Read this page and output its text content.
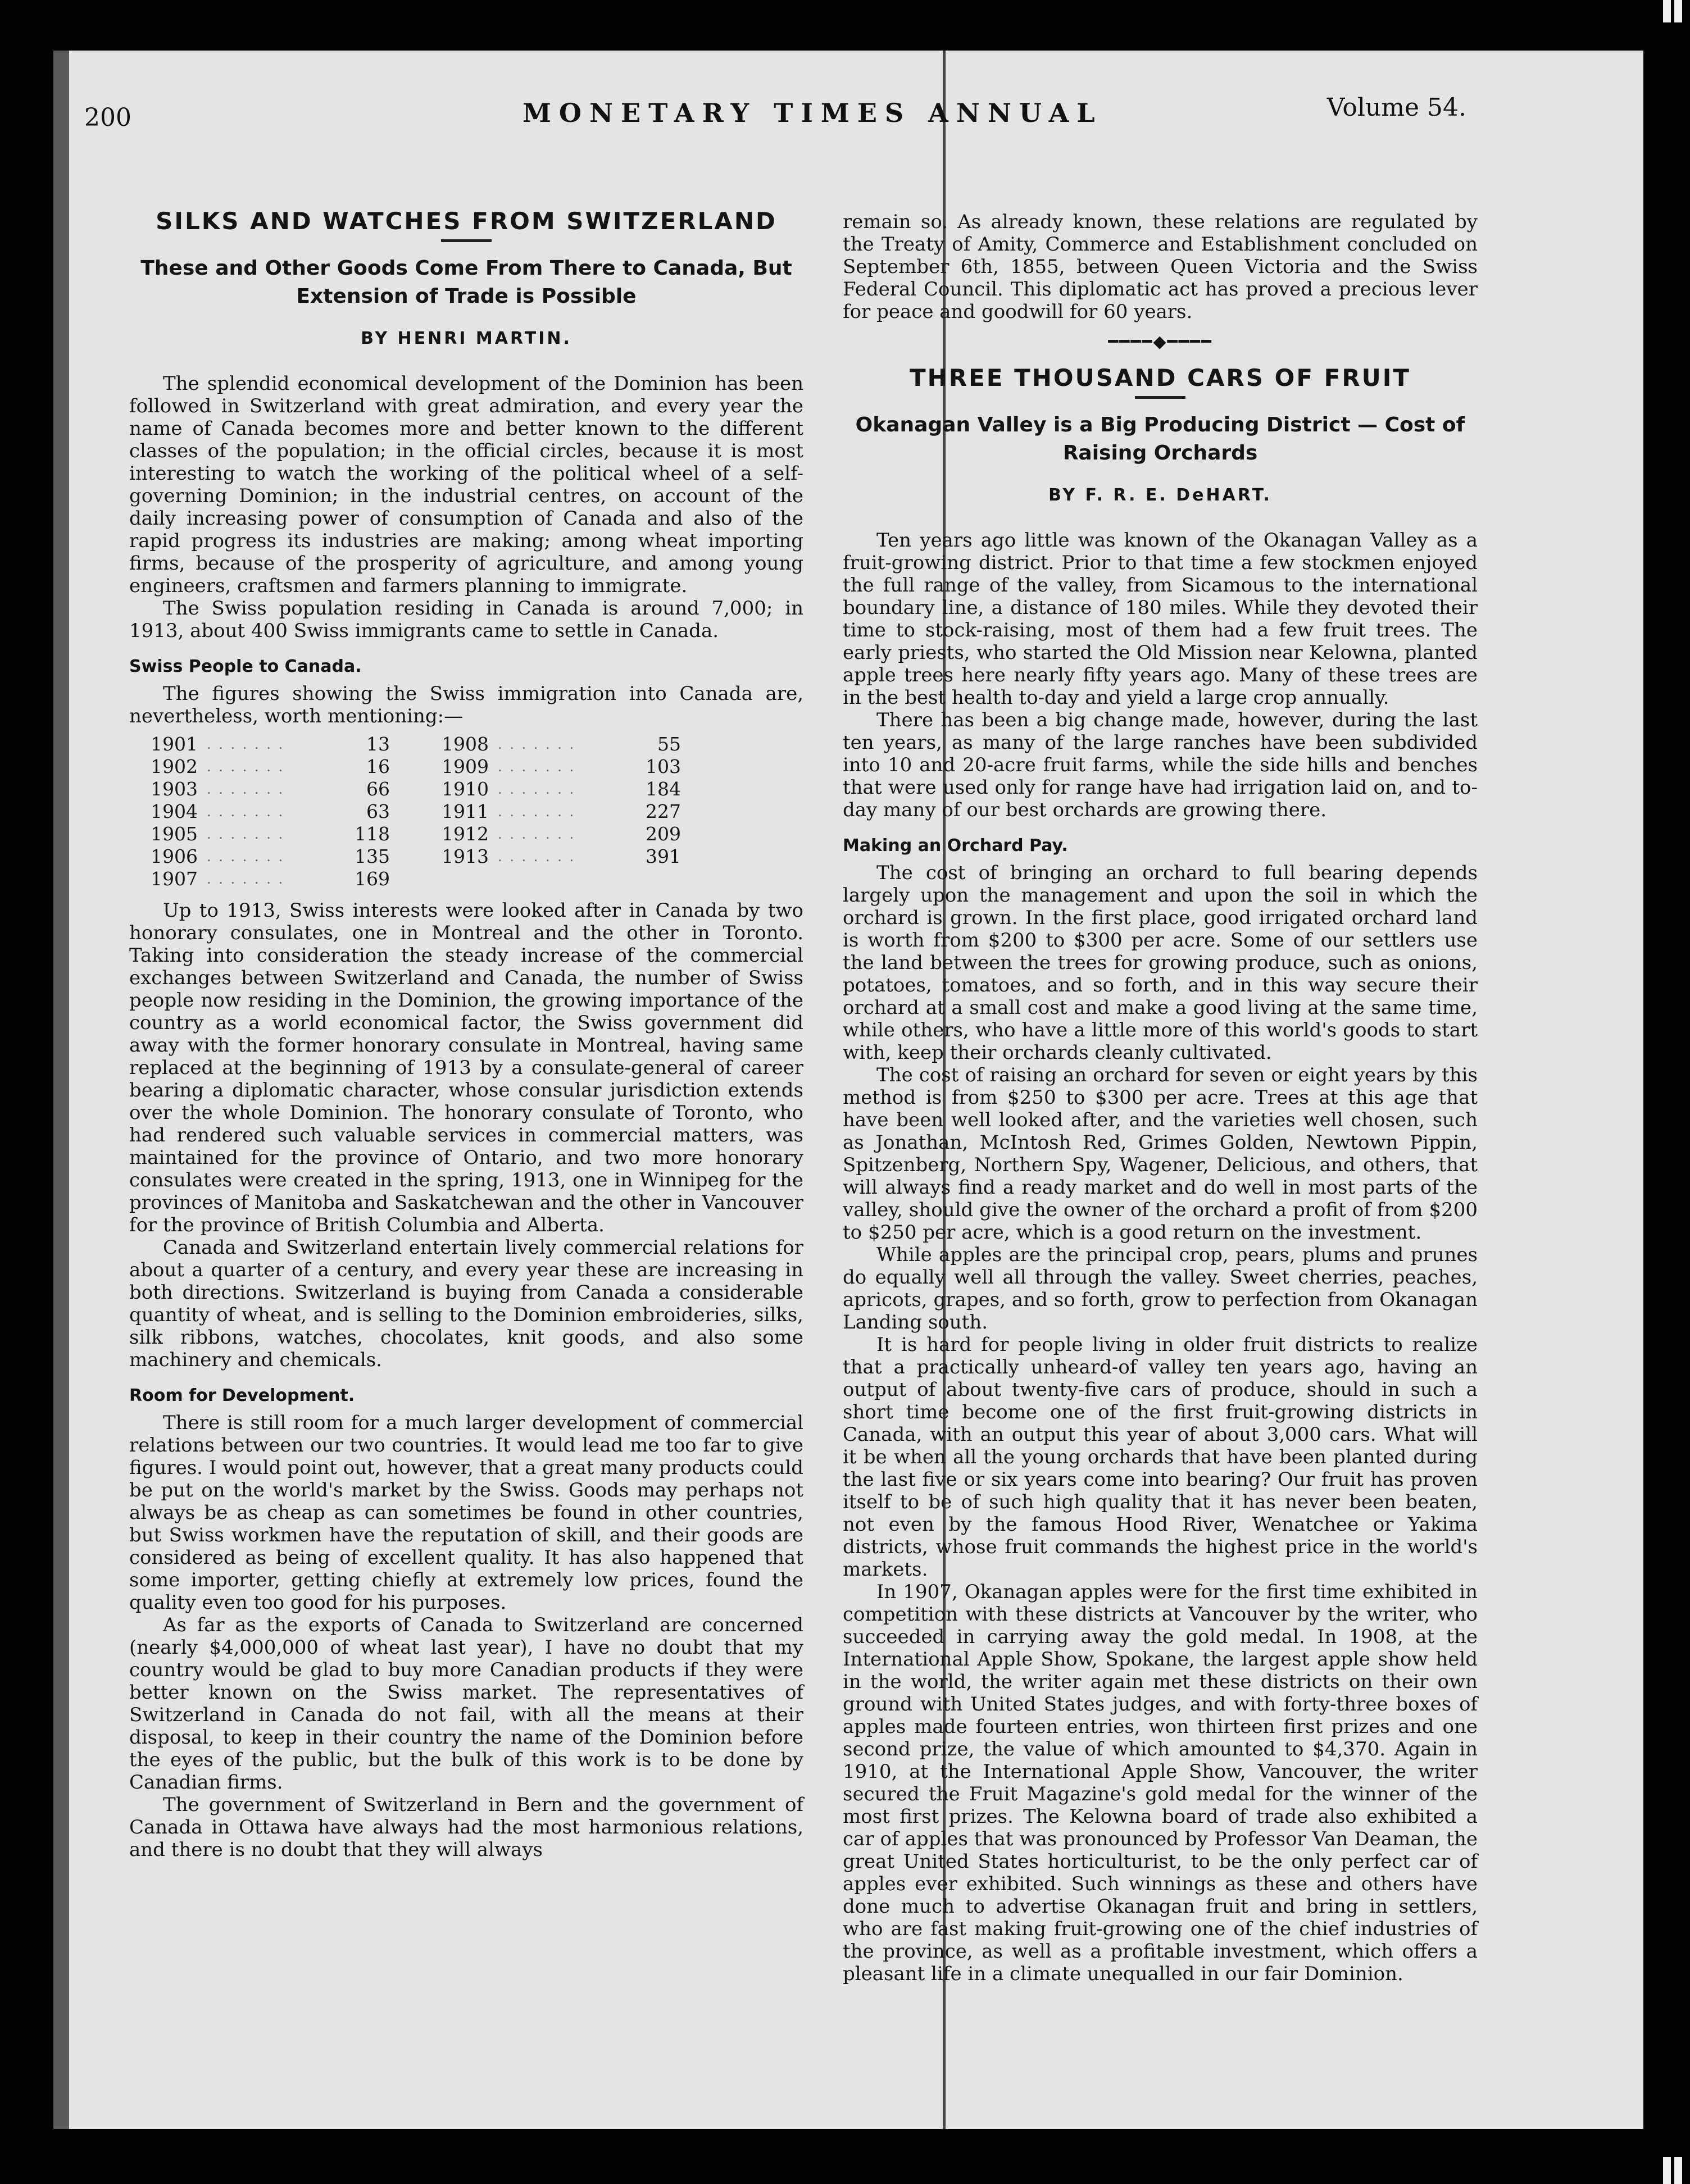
200	MONETARY TIMES ANNUAL	Volume 54.
SILKS AND WATCHES FROM SWITZERLAND
These and Other Goods Come From There to Canada, But Extension of Trade is Possible
BY HENRI MARTIN.

The splendid economical development of the Dominion has been followed in Switzerland with great admiration, and every year the name of Canada becomes more and better known to the different classes of the population; in the official circles, because it is most interesting to watch the working of the political wheel of a self-governing Dominion; in the industrial centres, on account of the daily increasing power of consumption of Canada and also of the rapid progress its industries are making; among wheat importing firms, because of the prosperity of agriculture, and among young engineers, craftsmen and farmers planning to immigrate.

The Swiss population residing in Canada is around 7,000; in 1913, about 400 Swiss immigrants came to settle in Canada.

Swiss People to Canada.

The figures showing the Swiss immigration into Canada are, nevertheless, worth mentioning:—

1901	. . . . . . .	13		1908	. . . . . . .	55
1902	. . . . . . .	16		1909	. . . . . . .	103
1903	. . . . . . .	66		1910	. . . . . . .	184
1904	. . . . . . .	63		1911	. . . . . . .	227
1905	. . . . . . .	118		1912	. . . . . . .	209
1906	. . . . . . .	135		1913	. . . . . . .	391
1907	. . . . . . .	169				

Up to 1913, Swiss interests were looked after in Canada by two honorary consulates, one in Montreal and the other in Toronto. Taking into consideration the steady increase of the commercial exchanges between Switzerland and Canada, the number of Swiss people now residing in the Dominion, the growing importance of the country as a world economical factor, the Swiss government did away with the former honorary consulate in Montreal, having same replaced at the beginning of 1913 by a consulate-general of career bearing a diplomatic character, whose consular jurisdiction extends over the whole Dominion. The honorary consulate of Toronto, who had rendered such valuable services in commercial matters, was maintained for the province of Ontario, and two more honorary consulates were created in the spring, 1913, one in Winnipeg for the provinces of Manitoba and Saskatchewan and the other in Vancouver for the province of British Columbia and Alberta.

Canada and Switzerland entertain lively commercial relations for about a quarter of a century, and every year these are increasing in both directions. Switzerland is buying from Canada a considerable quantity of wheat, and is selling to the Dominion embroideries, silks, silk ribbons, watches, chocolates, knit goods, and also some machinery and chemicals.

Room for Development.

There is still room for a much larger development of commercial relations between our two countries. It would lead me too far to give figures. I would point out, however, that a great many products could be put on the world's market by the Swiss. Goods may perhaps not always be as cheap as can sometimes be found in other countries, but Swiss workmen have the reputation of skill, and their goods are considered as being of excellent quality. It has also happened that some importer, getting chiefly at extremely low prices, found the quality even too good for his purposes.

As far as the exports of Canada to Switzerland are concerned (nearly $4,000,000 of wheat last year), I have no doubt that my country would be glad to buy more Canadian products if they were better known on the Swiss market. The representatives of Switzerland in Canada do not fail, with all the means at their disposal, to keep in their country the name of the Dominion before the eyes of the public, but the bulk of this work is to be done by Canadian firms.

The government of Switzerland in Bern and the government of Canada in Ottawa have always had the most harmonious relations, and there is no doubt that they will always

remain so. As already known, these relations are regulated by the Treaty of Amity, Commerce and Establishment concluded on September 6th, 1855, between Queen Victoria and the Swiss Federal Council. This diplomatic act has proved a precious lever for peace and goodwill for 60 years.

━━━━◆━━━━
THREE THOUSAND CARS OF FRUIT
Okanagan Valley is a Big Producing District — Cost of Raising Orchards
BY F. R. E. DeHART.

Ten years ago little was known of the Okanagan Valley as a fruit-growing district. Prior to that time a few stockmen enjoyed the full range of the valley, from Sicamous to the international boundary line, a distance of 180 miles. While they devoted their time to stock-raising, most of them had a few fruit trees. The early priests, who started the Old Mission near Kelowna, planted apple trees here nearly fifty years ago. Many of these trees are in the best health to-day and yield a large crop annually.

There has been a big change made, however, during the last ten years, as many of the large ranches have been subdivided into 10 and 20-acre fruit farms, while the side hills and benches that were used only for range have had irrigation laid on, and to-day many of our best orchards are growing there.

Making an Orchard Pay.

The cost of bringing an orchard to full bearing depends largely upon the management and upon the soil in which the orchard is grown. In the first place, good irrigated orchard land is worth from $200 to $300 per acre. Some of our settlers use the land between the trees for growing produce, such as onions, potatoes, tomatoes, and so forth, and in this way secure their orchard at a small cost and make a good living at the same time, while others, who have a little more of this world's goods to start with, keep their orchards cleanly cultivated.

The cost of raising an orchard for seven or eight years by this method is from $250 to $300 per acre. Trees at this age that have been well looked after, and the varieties well chosen, such as Jonathan, McIntosh Red, Grimes Golden, Newtown Pippin, Spitzenberg, Northern Spy, Wagener, Delicious, and others, that will always find a ready market and do well in most parts of the valley, should give the owner of the orchard a profit of from $200 to $250 per acre, which is a good return on the investment.

While apples are the principal crop, pears, plums and prunes do equally well all through the valley. Sweet cherries, peaches, apricots, grapes, and so forth, grow to perfection from Okanagan Landing south.

It is hard for people living in older fruit districts to realize that a practically unheard-of valley ten years ago, having an output of about twenty-five cars of produce, should in such a short time become one of the first fruit-growing districts in Canada, with an output this year of about 3,000 cars. What will it be when all the young orchards that have been planted during the last five or six years come into bearing? Our fruit has proven itself to be of such high quality that it has never been beaten, not even by the famous Hood River, Wenatchee or Yakima districts, whose fruit commands the highest price in the world's markets.

In 1907, Okanagan apples were for the first time exhibited in competition with these districts at Vancouver by the writer, who succeeded in carrying away the gold medal. In 1908, at the International Apple Show, Spokane, the largest apple show held in the world, the writer again met these districts on their own ground with United States judges, and with forty-three boxes of apples made fourteen entries, won thirteen first prizes and one second prize, the value of which amounted to $4,370. Again in 1910, at the International Apple Show, Vancouver, the writer secured the Fruit Magazine's gold medal for the winner of the most first prizes. The Kelowna board of trade also exhibited a car of apples that was pronounced by Professor Van Deaman, the great United States horticulturist, to be the only perfect car of apples ever exhibited. Such winnings as these and others have done much to advertise Okanagan fruit and bring in settlers, who are fast making fruit-growing one of the chief industries of the province, as well as a profitable investment, which offers a pleasant life in a climate unequalled in our fair Dominion.
